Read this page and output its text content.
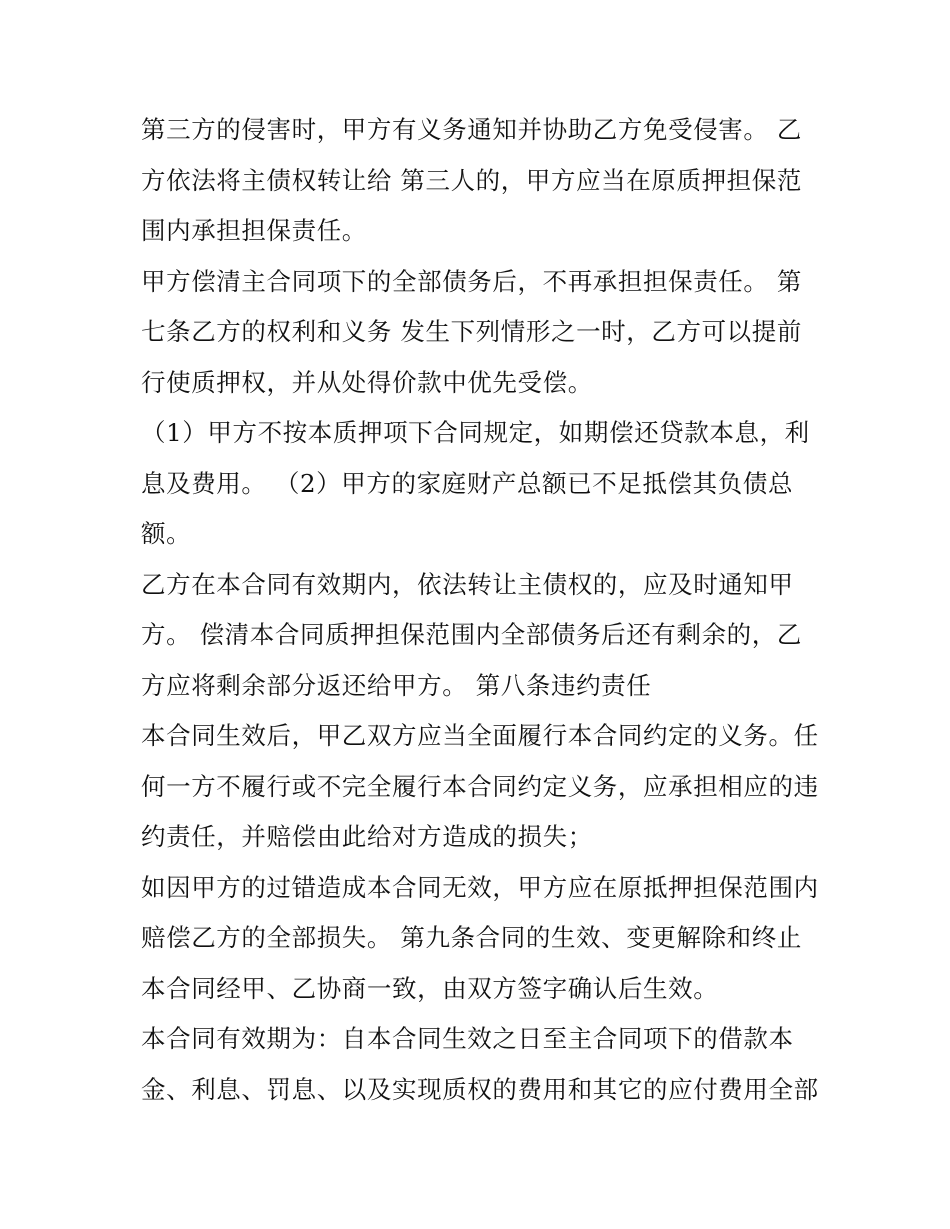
第三方的侵害时，甲方有义务通知并协助乙方免受侵害。 乙
方依法将主债权转让给 第三人的，甲方应当在原质押担保范
围内承担担保责任。

甲方偿清主合同项下的全部债务后，不再承担担保责任。 第
七条乙方的权利和义务 发生下列情形之一时，乙方可以提前
行使质押权，并从处得价款中优先受偿。

（1）甲方不按本质押项下合同规定，如期偿还贷款本息，利
息及费用。 （2）甲方的家庭财产总额已不足抵偿其负债总
额。

乙方在本合同有效期内，依法转让主债权的，应及时通知甲
方。 偿清本合同质押担保范围内全部债务后还有剩余的，乙
方应将剩余部分返还给甲方。 第八条违约责任

本合同生效后，甲乙双方应当全面履行本合同约定的义务。任
何一方不履行或不完全履行本合同约定义务，应承担相应的违
约责任，并赔偿由此给对方造成的损失；

如因甲方的过错造成本合同无效，甲方应在原抵押担保范围内
赔偿乙方的全部损失。 第九条合同的生效、变更解除和终止
本合同经甲、乙协商一致，由双方签字确认后生效。

本合同有效期为：自本合同生效之日至主合同项下的借款本
金、利息、罚息、以及实现质权的费用和其它的应付费用全部
